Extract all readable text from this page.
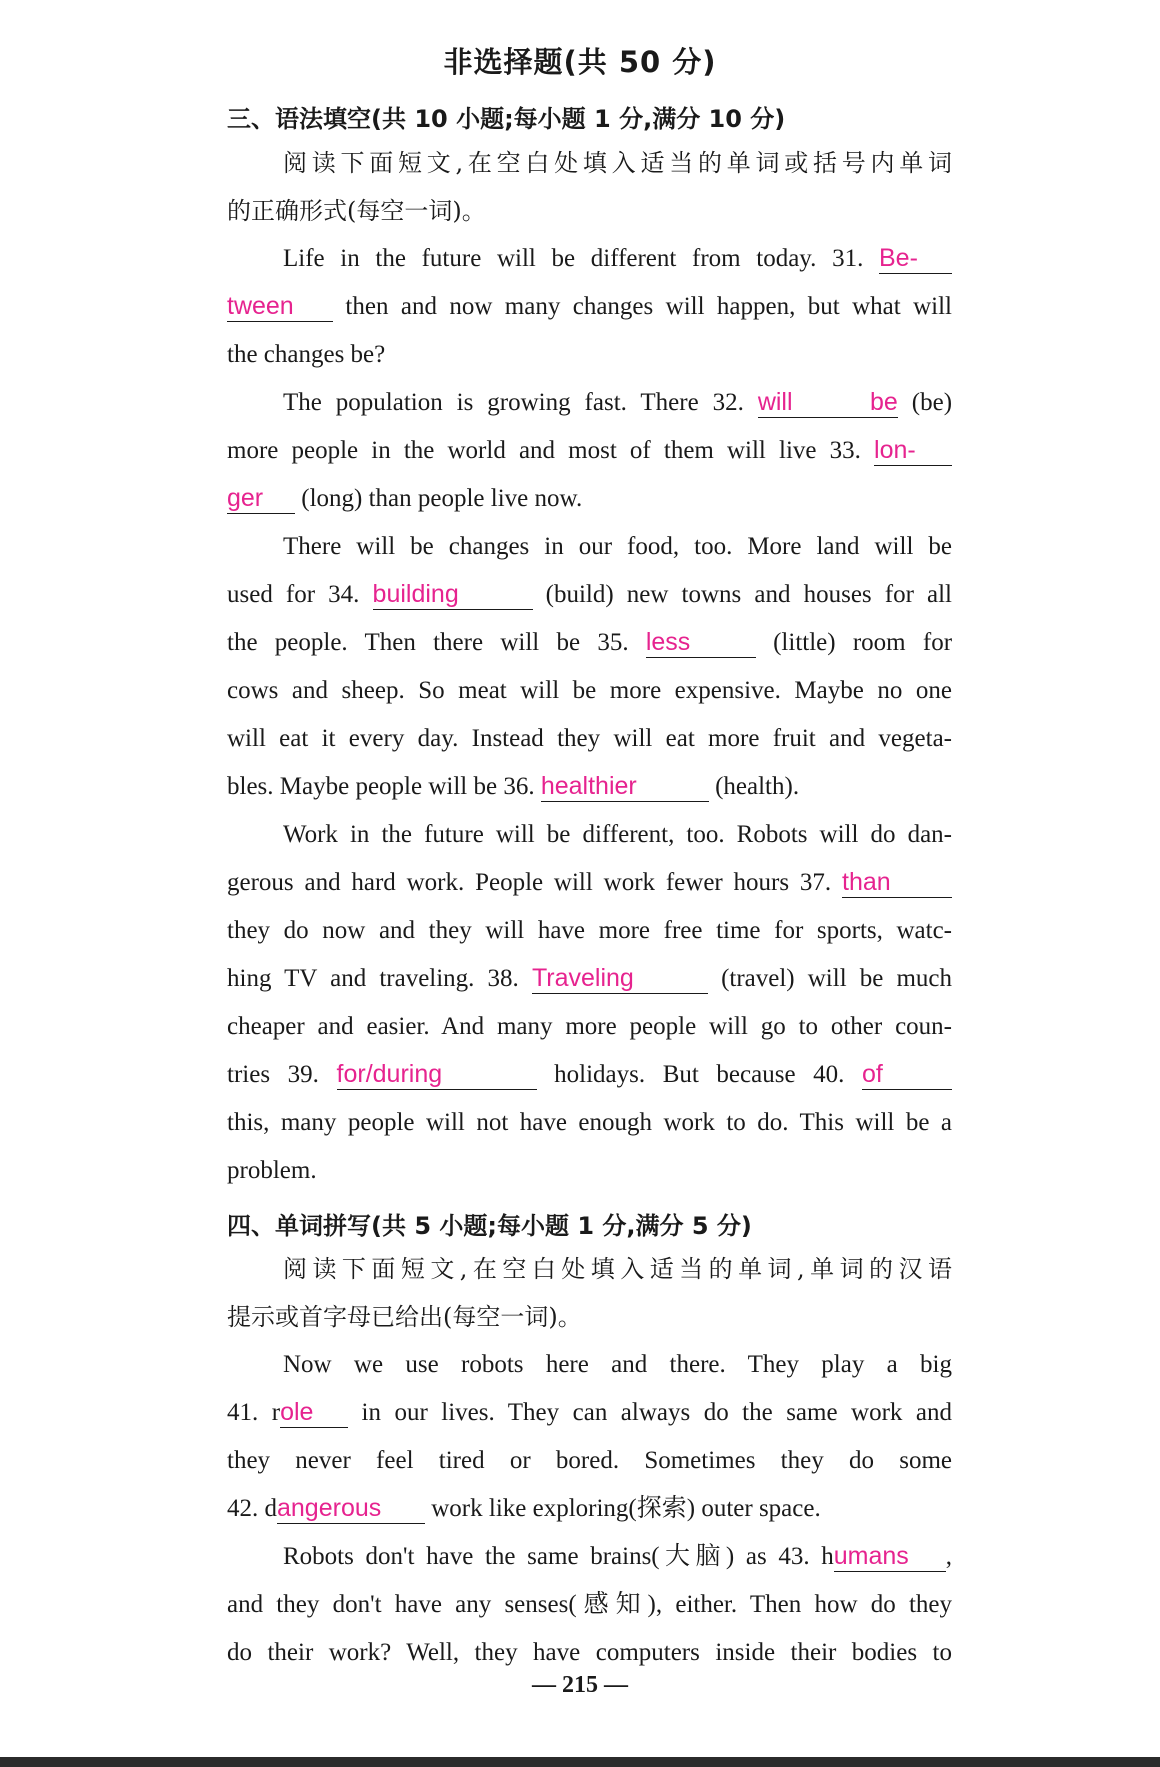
非选择题(共 50 分)
三、语法填空(共 10 小题;每小题 1 分,满分 10 分)
阅读下面短文,在空白处填入适当的单词或括号内单词
的正确形式(每空一词)。
Life in the future will be different from today. 31. Be-
tween then and now many changes will happen, but what will
the changes be?
The population is growing fast. There 32. will be (be)
more people in the world and most of them will live 33. lon-
ger (long) than people live now.
There will be changes in our food, too. More land will be
used for 34. building	(build) new towns and houses for all
the people. Then there will be 35. less	(little) room for
cows and sheep. So meat will be more expensive. Maybe no one
will eat it every day. Instead they will eat more fruit and vegeta-
bles. Maybe people will be 36. healthier	(health).
Work in the future will be different, too. Robots will do dan-
gerous and hard work. People will work fewer hours 37. than
they do now and they will have more free time for sports, watc-
hing TV and traveling. 38. Traveling	(travel) will be much
cheaper and easier. And many more people will go to other coun-
tries 39. for/during	holidays. But because 40. of
this, many people will not have enough work to do. This will be a
problem.
四、单词拼写(共 5 小题;每小题 1 分,满分 5 分)
阅读下面短文,在空白处填入适当的单词,单词的汉语
提示或首字母已给出(每空一词)。
Now we use robots here and there. They play a big
41. role in our lives. They can always do the same work and
they never feel tired or bored. Sometimes they do some
42. dangerous work like exploring(探索) outer space.
Robots don't have the same brains(大脑) as 43. humans ,
and they don't have any senses(感知), either. Then how do they
do their work? Well, they have computers inside their bodies to
— 215 —
